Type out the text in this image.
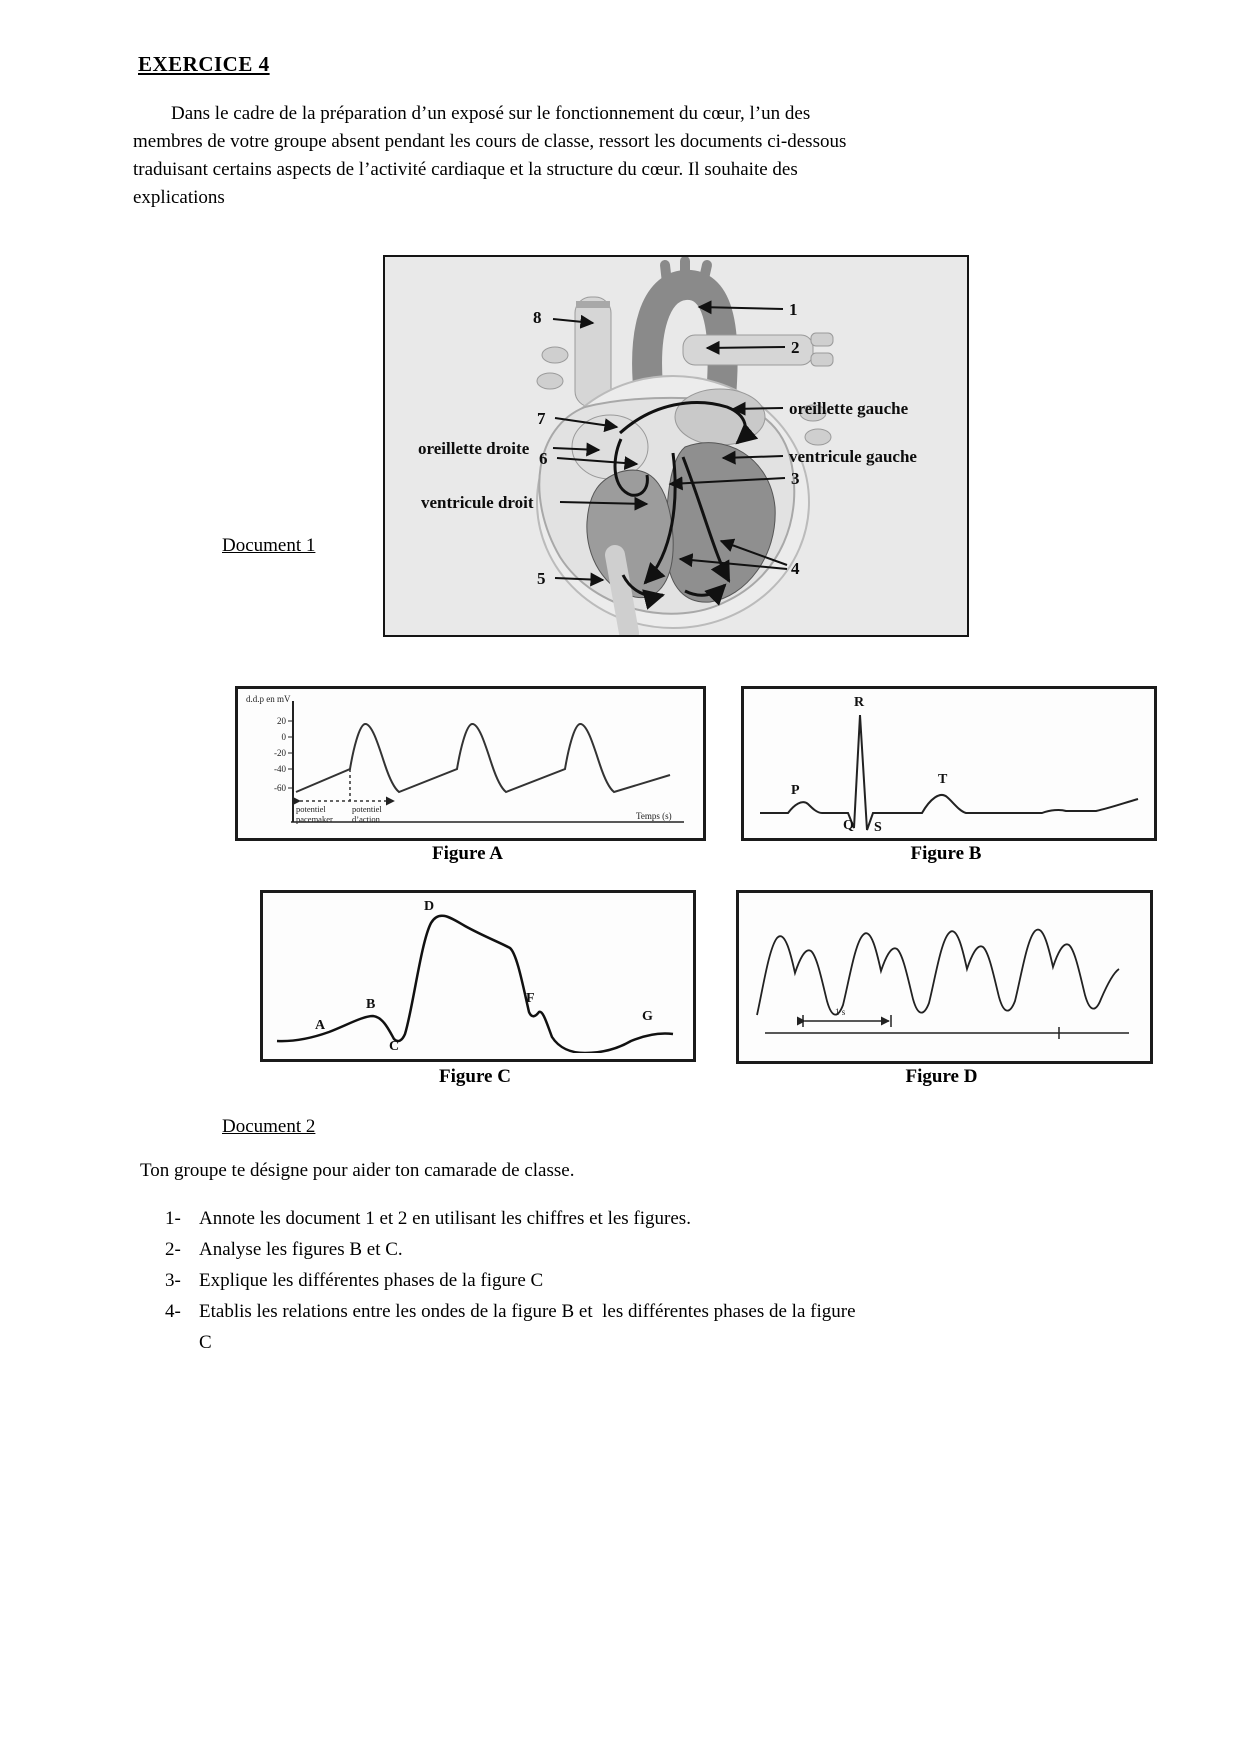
EXERCICE 4
Dans le cadre de la préparation d’un exposé sur le fonctionnement du cœur, l’un des
membres de votre groupe absent pendant les cours de classe, ressort les documents ci-dessous
traduisant certains aspects de l’activité cardiaque et la structure du cœur. Il souhaite des
explications
Document 1
8	1
2
oreillette gauche
7
oreillette droite
6	ventricule gauche
3
ventricule droit
5
4
d.d.p en mV
20
0
-20
-40
-60
potentiel pacemaker
potentiel d’action	Temps (s)
Figure A
R
P
Q S
T
Figure B
A
B
C
D
F
G
Figure C
1 s
Figure D
Document 2
Ton groupe te désigne pour aider ton camarade de classe.
1- Annote les document 1 et 2 en utilisant les chiffres et les figures.
2- Analyse les figures B et C.
3- Explique les différentes phases de la figure C
4- Etablis les relations entre les ondes de la figure B et  les différentes phases de la figure
C
